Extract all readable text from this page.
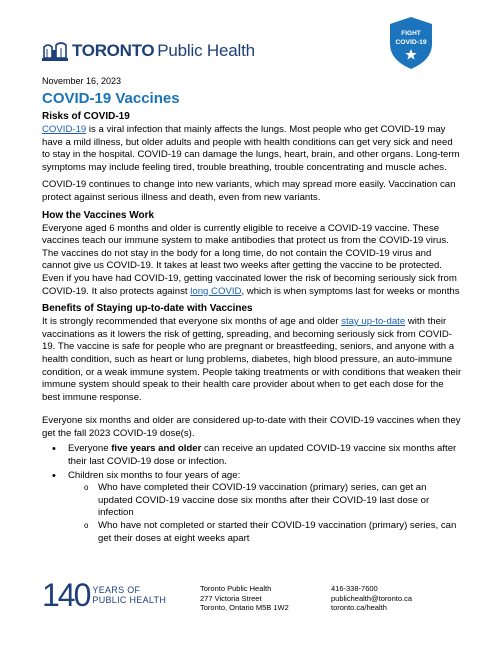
TORONTO Public Health
FIGHT
COVID-19
November 16, 2023
COVID-19 Vaccines
Risks of COVID-19

COVID-19 is a viral infection that mainly affects the lungs. Most people who get COVID-19 may have a mild illness, but older adults and people with health conditions can get very sick and need to stay in the hospital. COVID-19 can damage the lungs, heart, brain, and other organs. Long-term symptoms may include feeling tired, trouble breathing, trouble concentrating and muscle aches.

COVID-19 continues to change into new variants, which may spread more easily. Vaccination can protect against serious illness and death, even from new variants.

How the Vaccines Work

Everyone aged 6 months and older is currently eligible to receive a COVID-19 vaccine. These vaccines teach our immune system to make antibodies that protect us from the COVID-19 virus. The vaccines do not stay in the body for a long time, do not contain the COVID-19 virus and cannot give us COVID-19. It takes at least two weeks after getting the vaccine to be protected. Even if you have had COVID-19, getting vaccinated lower the risk of becoming seriously sick from COVID-19. It also protects against long COVID, which is when symptoms last for weeks or months

Benefits of Staying up-to-date with Vaccines

It is strongly recommended that everyone six months of age and older stay up-to-date with their vaccinations as it lowers the risk of getting, spreading, and becoming seriously sick from COVID-19. The vaccine is safe for people who are pregnant or breastfeeding, seniors, and anyone with a health condition, such as heart or lung problems, diabetes, high blood pressure, an auto-immune condition, or a weak immune system. People taking treatments or with conditions that weaken their immune system should speak to their health care provider about when to get each dose for the best immune response.

Everyone six months and older are considered up-to-date with their COVID-19 vaccines when they get the fall 2023 COVID-19 dose(s).

• Everyone five years and older can receive an updated COVID-19 vaccine six months after their last COVID-19 dose or infection.
• Children six months to four years of age:
o Who have completed their COVID-19 vaccination (primary) series, can get an updated COVID-19 vaccine dose six months after their COVID-19 last dose or infection
o Who have not completed or started their COVID-19 vaccination (primary) series, can get their doses at eight weeks apart
140 YEARS OF
PUBLIC HEALTH
Toronto Public Health
277 Victoria Street
Toronto, Ontario M5B 1W2
416-338-7600
publichealth@toronto.ca
toronto.ca/health
